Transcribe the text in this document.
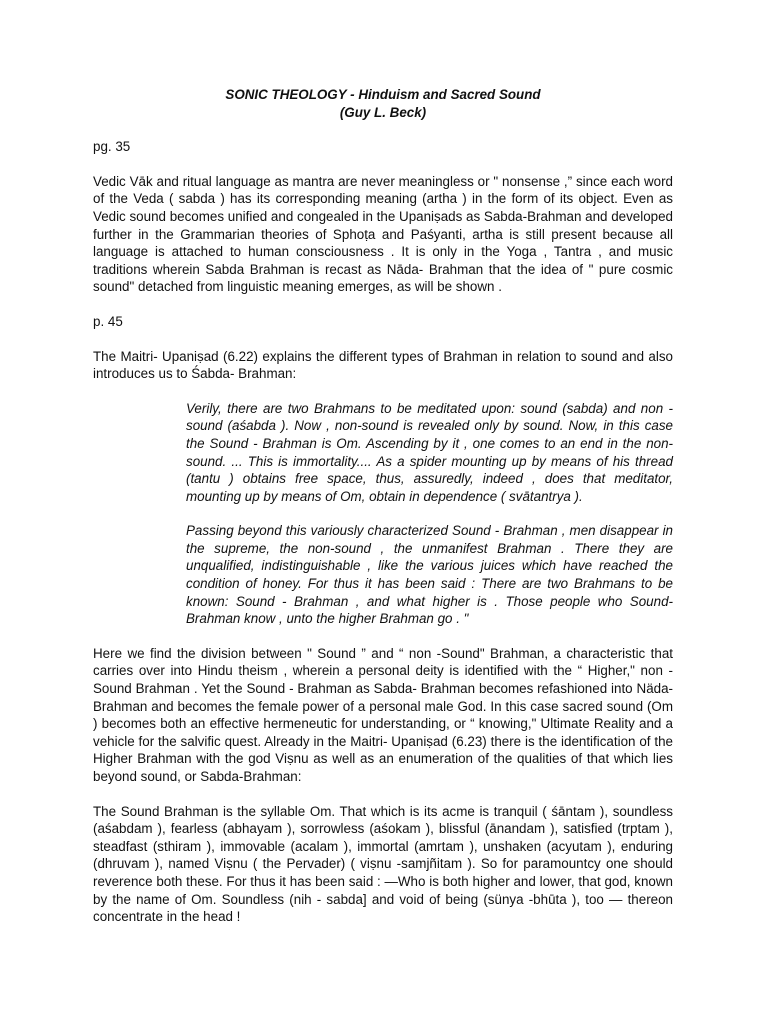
SONIC THEOLOGY - Hinduism and Sacred Sound

(Guy L. Beck)

pg. 35

Vedic Vāk and ritual language as mantra are never meaningless or " nonsense ,” since each word of the Veda ( sabda ) has its corresponding meaning (artha ) in the form of its object. Even as Vedic sound becomes unified and congealed in the Upaniṣads as Sabda-Brahman and developed further in the Grammarian theories of Sphoṭa and Paśyanti, artha is still present because all language is attached to human consciousness . It is only in the Yoga , Tantra , and music traditions wherein Sabda Brahman is recast as Nāda- Brahman that the idea of " pure cosmic sound" detached from linguistic meaning emerges, as will be shown .

p. 45

The Maitri- Upaniṣad (6.22) explains the different types of Brahman in relation to sound and also introduces us to Śabda- Brahman:

Verily, there are two Brahmans to be meditated upon: sound (sabda) and non - sound (aśabda ). Now , non-sound is revealed only by sound. Now, in this case the Sound - Brahman is Om. Ascending by it , one comes to an end in the non-sound. ... This is immortality.... As a spider mounting up by means of his thread (tantu ) obtains free space, thus, assuredly, indeed , does that meditator, mounting up by means of Om, obtain in dependence ( svātantrya ).

Passing beyond this variously characterized Sound - Brahman , men disappear in the supreme, the non-sound , the unmanifest Brahman . There they are unqualified, indistinguishable , like the various juices which have reached the condition of honey. For thus it has been said : There are two Brahmans to be known: Sound - Brahman , and what higher is . Those people who Sound-Brahman know , unto the higher Brahman go . "

Here we find the division between " Sound ” and “ non -Sound" Brahman, a characteristic that carries over into Hindu theism , wherein a personal deity is identified with the “ Higher," non -Sound Brahman . Yet the Sound - Brahman as Sabda- Brahman becomes refashioned into Näda- Brahman and becomes the female power of a personal male God. In this case sacred sound (Om ) becomes both an effective hermeneutic for understanding, or “ knowing," Ultimate Reality and a vehicle for the salvific quest. Already in the Maitri- Upaniṣad (6.23) there is the identification of the Higher Brahman with the god Viṣnu as well as an enumeration of the qualities of that which lies beyond sound, or Sabda-Brahman:

The Sound Brahman is the syllable Om. That which is its acme is tranquil ( śāntam ), soundless (aśabdam ), fearless (abhayam ), sorrowless (aśokam ), blissful (ānandam ), satisfied (trptam ), steadfast (sthiram ), immovable (acalam ), immortal (amrtam ), unshaken (acyutam ), enduring (dhruvam ), named Viṣnu ( the Pervader) ( viṣnu -samjñitam ). So for paramountcy one should reverence both these. For thus it has been said : —Who is both higher and lower, that god, known by the name of Om. Soundless (nih - sabda] and void of being (sünya -bhūta ), too — thereon concentrate in the head !
